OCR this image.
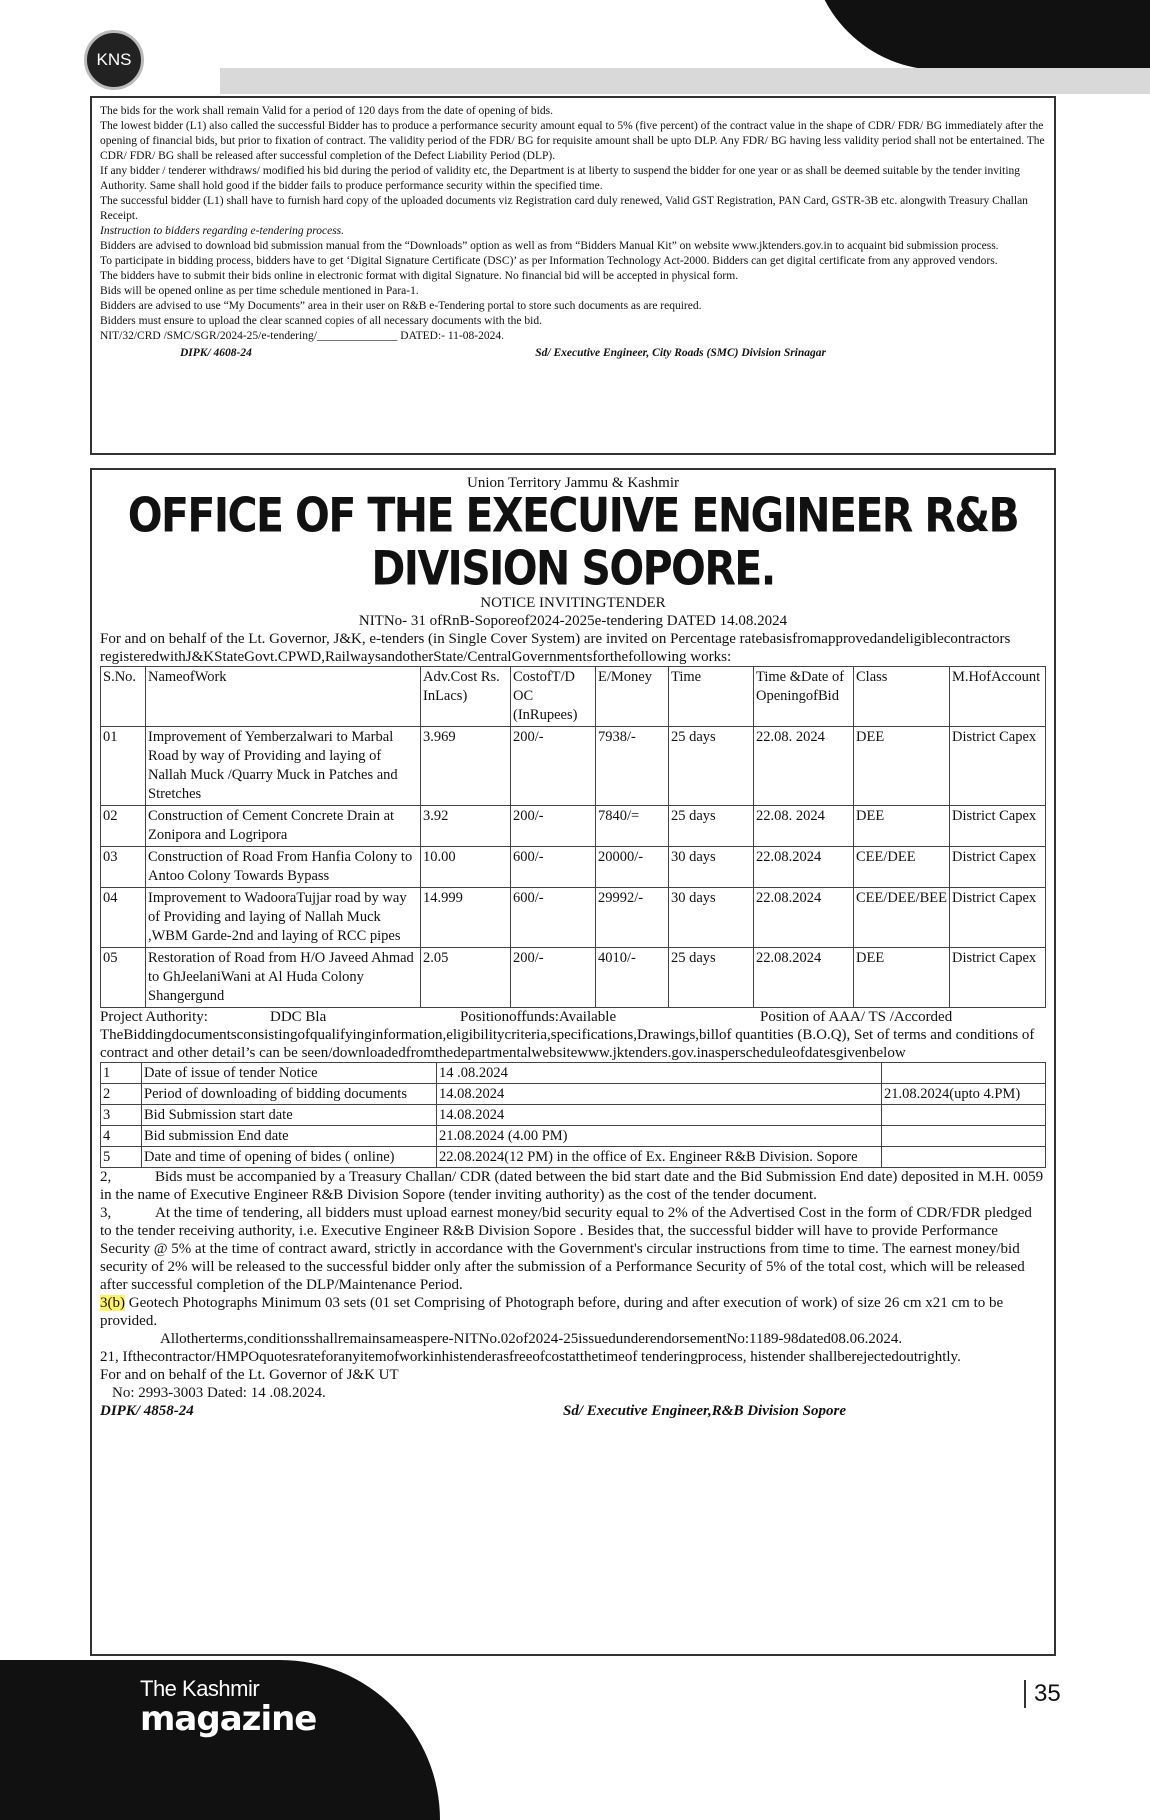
KNS

The bids for the work shall remain Valid for a period of 120 days from the date of opening of bids.

The lowest bidder (L1) also called the successful Bidder has to produce a performance security amount equal to 5% (five percent) of the contract value in the shape of CDR/ FDR/ BG immediately after the opening of financial bids, but prior to fixation of contract. The validity period of the FDR/ BG for requisite amount shall be upto DLP. Any FDR/ BG having less validity period shall not be entertained. The CDR/ FDR/ BG shall be released after successful completion of the Defect Liability Period (DLP).

If any bidder / tenderer withdraws/ modified his bid during the period of validity etc, the Department is at liberty to suspend the bidder for one year or as shall be deemed suitable by the tender inviting Authority. Same shall hold good if the bidder fails to produce performance security within the specified time.

The successful bidder (L1) shall have to furnish hard copy of the uploaded documents viz Registration card duly renewed, Valid GST Registration, PAN Card, GSTR-3B etc. alongwith Treasury Challan Receipt.

Instruction to bidders regarding e-tendering process.

Bidders are advised to download bid submission manual from the “Downloads” option as well as from “Bidders Manual Kit” on website www.jktenders.gov.in to acquaint bid submission process.

To participate in bidding process, bidders have to get ‘Digital Signature Certificate (DSC)’ as per Information Technology Act-2000. Bidders can get digital certificate from any approved vendors.

The bidders have to submit their bids online in electronic format with digital Signature. No financial bid will be accepted in physical form.

Bids will be opened online as per time schedule mentioned in Para-1.

Bidders are advised to use “My Documents” area in their user on R&B e-Tendering portal to store such documents as are required.

Bidders must ensure to upload the clear scanned copies of all necessary documents with the bid.

NIT/32/CRD /SMC/SGR/2024-25/e-tendering/______________ DATED:- 11-08-2024.

DIPK/ 4608-24	Sd/ Executive Engineer, City Roads (SMC) Division Srinagar
Union Territory Jammu & Kashmir
OFFICE OF THE EXECUIVE ENGINEER R&B DIVISION SOPORE.
NOTICE INVITINGTENDER
NITNo- 31 ofRnB-Soporeof2024-2025e-tendering DATED 14.08.2024
For and on behalf of the Lt. Governor, J&K, e-tenders (in Single Cover System) are invited on Percentage ratebasisfromapprovedandeligiblecontractors registeredwithJ&KStateGovt.CPWD,RailwaysandotherState/CentralGovernmentsforthefollowing works:
S.No.	NameofWork	Adv.Cost Rs. InLacs)	CostofT/D OC (InRupees)	E/Money	Time	Time &Date of OpeningofBid	Class	M.HofAccount
01	Improvement of Yemberzalwari to Marbal Road by way of Providing and laying of Nallah Muck /Quarry Muck in Patches and Stretches	3.969	200/-	7938/-	25 days	22.08. 2024	DEE	District Capex
02	Construction of Cement Concrete Drain at Zonipora and Logripora	3.92	200/-	7840/=	25 days	22.08. 2024	DEE	District Capex
03	Construction of Road From Hanfia Colony to Antoo Colony Towards Bypass	10.00	600/-	20000/-	30 days	22.08.2024	CEE/DEE	District Capex
04	Improvement to WadooraTujjar road by way of Providing and laying of Nallah Muck ,WBM Garde-2nd and laying of RCC pipes	14.999	600/-	29992/-	30 days	22.08.2024	CEE/DEE/BEE	District Capex
05	Restoration of Road from H/O Javeed Ahmad to GhJeelaniWani at Al Huda Colony Shangergund	2.05	200/-	4010/-	25 days	22.08.2024	DEE	District Capex
Project Authority:	DDC Bla	Positionoffunds:Available	Position of AAA/ TS /Accorded
TheBiddingdocumentsconsistingofqualifyinginformation,eligibilitycriteria,specifications,Drawings,billof quantities (B.O.Q), Set of terms and conditions of contract and other detail’s can be seen/downloadedfromthedepartmentalwebsitewww.jktenders.gov.inasperscheduleofdatesgivenbelow
1	Date of issue of tender Notice	14 .08.2024	
2	Period of downloading of bidding documents	14.08.2024	21.08.2024(upto 4.PM)
3	Bid Submission start date	14.08.2024	
4	Bid submission End date	21.08.2024 (4.00 PM)	
5	Date and time of opening of bides ( online)	22.08.2024(12 PM) in the office of Ex. Engineer R&B Division. Sopore	

2,	Bids must be accompanied by a Treasury Challan/ CDR (dated between the bid start date and the Bid Submission End date) deposited in M.H. 0059 in the name of Executive Engineer R&B Division Sopore (tender inviting authority) as the cost of the tender document.

3,	At the time of tendering, all bidders must upload earnest money/bid security equal to 2% of the Advertised Cost in the form of CDR/FDR pledged to the tender receiving authority, i.e. Executive Engineer R&B Division Sopore . Besides that, the successful bidder will have to provide Performance Security @ 5% at the time of contract award, strictly in accordance with the Government's circular instructions from time to time. The earnest money/bid security of 2% will be released to the successful bidder only after the submission of a Performance Security of 5% of the total cost, which will be released after successful completion of the DLP/Maintenance Period.

3(b) Geotech Photographs Minimum 03 sets (01 set Comprising of Photograph before, during and after execution of work) of size 26 cm x21 cm to be provided.

Allotherterms,conditionsshallremainsameaspere-NITNo.02of2024-25issuedunderendorsementNo:1189-98dated08.06.2024.

21, Ifthecontractor/HMPOquotesrateforanyitemofworkinhistenderasfreeofcostatthetimeof tenderingprocess, histender shallberejectedoutrightly.

For and on behalf of the Lt. Governor of J&K UT

No: 2993-3003 Dated: 14 .08.2024.

DIPK/ 4858-24	Sd/ Executive Engineer,R&B Division Sopore
The Kashmir
magazine
35
